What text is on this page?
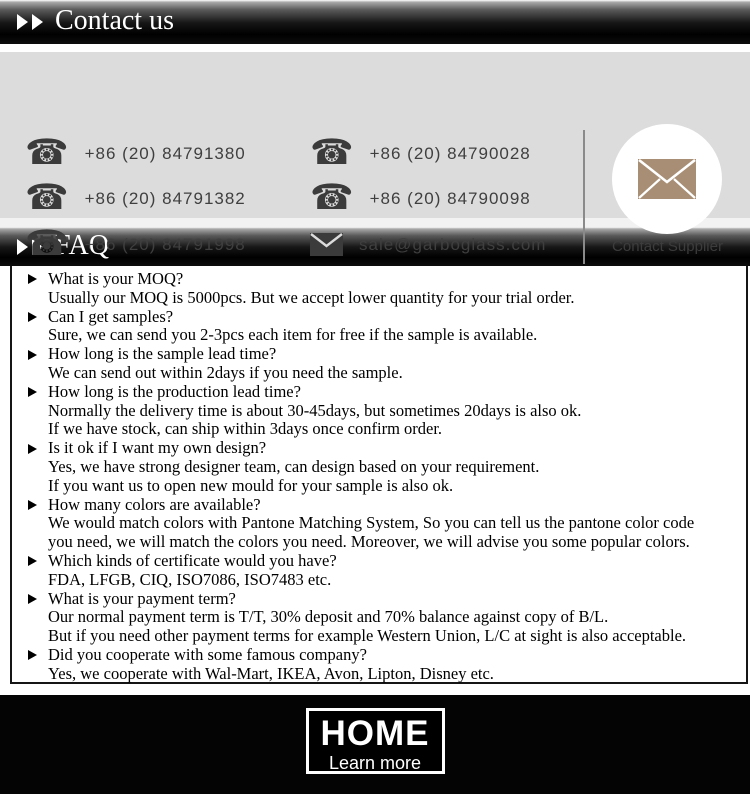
Contact us
☎ +86 (20) 84791380
☎ +86 (20) 84791382
☎ +86 (20) 84791998
☎ +86 (20) 84790028
☎ +86 (20) 84790098
sale@garboglass.com	Contact Supplier
FAQ
What is your MOQ?
Usually our MOQ is 5000pcs. But we accept lower quantity for your trial order.
Can I get samples?
Sure, we can send you 2-3pcs each item for free if the sample is available.
How long is the sample lead time?
We can send out within 2days if you need the sample.
How long is the production lead time?
Normally the delivery time is about 30-45days, but sometimes 20days is also ok.
If we have stock, can ship within 3days once confirm order.
Is it ok if I want my own design?
Yes, we have strong designer team, can design based on your requirement.
If you want us to open new mould for your sample is also ok.
How many colors are available?
We would match colors with Pantone Matching System, So you can tell us the pantone color code
you need, we will match the colors you need. Moreover, we will advise you some popular colors.
Which kinds of certificate would you have?
FDA, LFGB, CIQ, ISO7086, ISO7483 etc.
What is your payment term?
Our normal payment term is T/T, 30% deposit and 70% balance against copy of B/L.
But if you need other payment terms for example Western Union, L/C at sight is also acceptable.
Did you cooperate with some famous company?
Yes, we cooperate with Wal-Mart, IKEA, Avon, Lipton, Disney etc.
HOME
Learn more
